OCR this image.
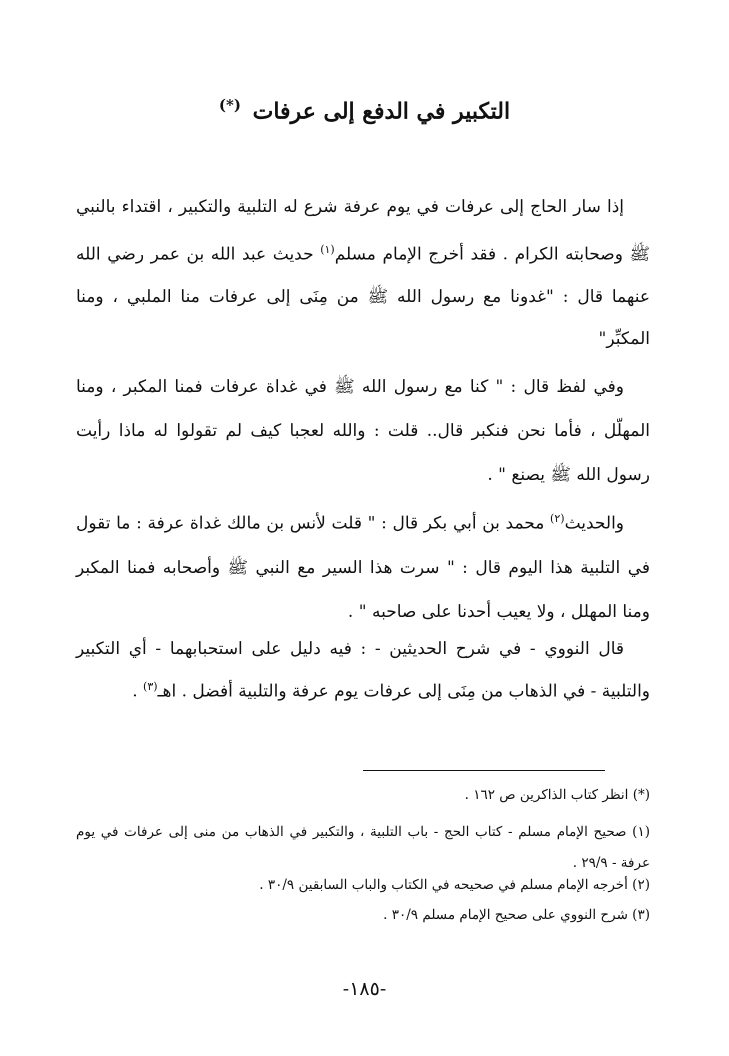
التكبير في الدفع إلى عرفات (*)
إذا سار الحاج إلى عرفات في يوم عرفة شرع له التلبية والتكبير ، اقتداء بالنبي ﷺ وصحابته الكرام . فقد أخرج الإمام مسلم$^{(١)}$ حديث عبد الله بن عمر رضي الله عنهما قال : "غدونا مع رسول الله ﷺ من مِنَى إلى عرفات منا الملبي ، ومنا المكبِّر"
وفي لفظ قال : " كنا مع رسول الله ﷺ في غداة عرفات فمنا المكبر ، ومنا المهلّل ، فأما نحن فنكبر قال.. قلت : والله لعجبا كيف لم تقولوا له ماذا رأيت رسول الله ﷺ يصنع " .
والحديث$^{(٢)}$ محمد بن أبي بكر قال : " قلت لأنس بن مالك غداة عرفة : ما تقول في التلبية هذا اليوم قال : " سرت هذا السير مع النبي ﷺ وأصحابه فمنا المكبر ومنا المهلل ، ولا يعيب أحدنا على صاحبه " .
قال النووي - في شرح الحديثين - : فيه دليل على استحبابهما - أي التكبير والتلبية - في الذهاب من مِنَى إلى عرفات يوم عرفة والتلبية أفضل . اهـ$^{(٣)}$ .
(*) انظر كتاب الذاكرين ص ١٦٢ .
(١) صحيح الإمام مسلم - كتاب الحج - باب التلبية ، والتكبير في الذهاب من منى إلى عرفات في يوم عرفة - ٢٩/٩ .
(٢) أخرجه الإمام مسلم في صحيحه في الكتاب والباب السابقين ٣٠/٩ .
(٣) شرح النووي على صحيح الإمام مسلم ٣٠/٩ .
-١٨٥-
